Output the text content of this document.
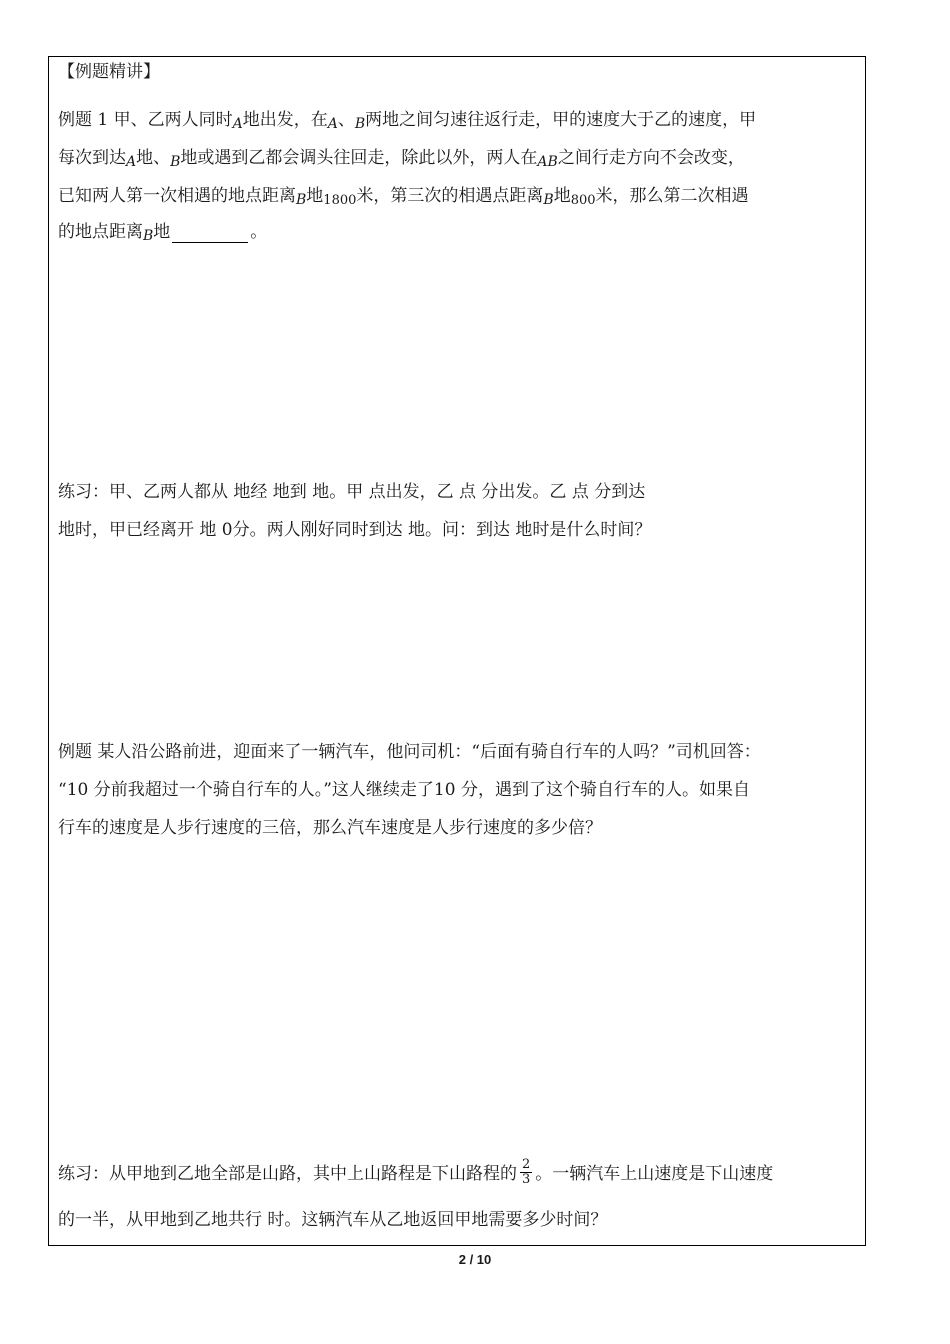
【例题精讲】
例题 1 甲、乙两人同时A地出发，在A、B两地之间匀速往返行走，甲的速度大于乙的速度，甲
每次到达A地、B地或遇到乙都会调头往回走，除此以外，两人在AB之间行走方向不会改变，
已知两人第一次相遇的地点距离B地1800米，第三次的相遇点距离B地800米，那么第二次相遇
的地点距离B地	。
练习：甲、乙两人都从 地经 地到 地。甲 点出发，乙 点 分出发。乙 点 分到达
地时，甲已经离开 地 0分。两人刚好同时到达 地。问：到达 地时是什么时间？
例题 某人沿公路前进，迎面来了一辆汽车，他问司机：“后面有骑自行车的人吗？”司机回答：
“10 分前我超过一个骑自行车的人。”这人继续走了10 分，遇到了这个骑自行车的人。如果自
行车的速度是人步行速度的三倍，那么汽车速度是人步行速度的多少倍？
练习：从甲地到乙地全部是山路，其中上山路程是下山路程的 $\frac{2}{3}$ 。一辆汽车上山速度是下山速度
的一半，从甲地到乙地共行 时。这辆汽车从乙地返回甲地需要多少时间？
2 / 10
